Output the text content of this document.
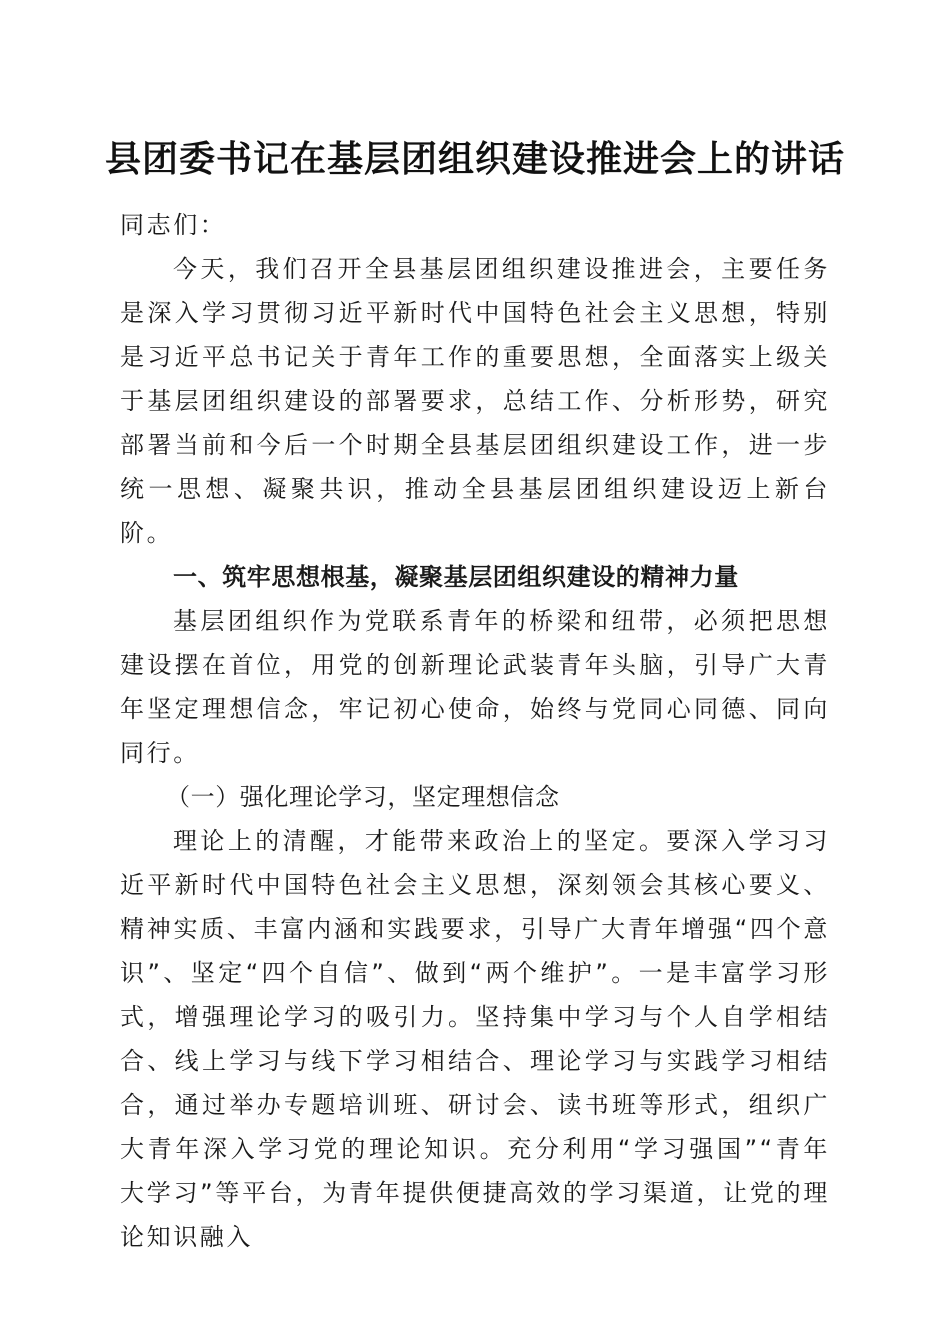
县团委书记在基层团组织建设推进会上的讲话

同志们：

今天，我们召开全县基层团组织建设推进会，主要任务是深入学习贯彻习近平新时代中国特色社会主义思想，特别是习近平总书记关于青年工作的重要思想，全面落实上级关于基层团组织建设的部署要求，总结工作、分析形势，研究部署当前和今后一个时期全县基层团组织建设工作，进一步统一思想、凝聚共识，推动全县基层团组织建设迈上新台阶。

一、筑牢思想根基，凝聚基层团组织建设的精神力量

基层团组织作为党联系青年的桥梁和纽带，必须把思想建设摆在首位，用党的创新理论武装青年头脑，引导广大青年坚定理想信念，牢记初心使命，始终与党同心同德、同向同行。

（一）强化理论学习，坚定理想信念

理论上的清醒，才能带来政治上的坚定。要深入学习习近平新时代中国特色社会主义思想，深刻领会其核心要义、精神实质、丰富内涵和实践要求，引导广大青年增强“四个意识”、坚定“四个自信”、做到“两个维护”。一是丰富学习形式，增强理论学习的吸引力。坚持集中学习与个人自学相结合、线上学习与线下学习相结合、理论学习与实践学习相结合，通过举办专题培训班、研讨会、读书班等形式，组织广大青年深入学习党的理论知识。充分利用“学习强国”“青年大学习”等平台，为青年提供便捷高效的学习渠道，让党的理论知识融入
